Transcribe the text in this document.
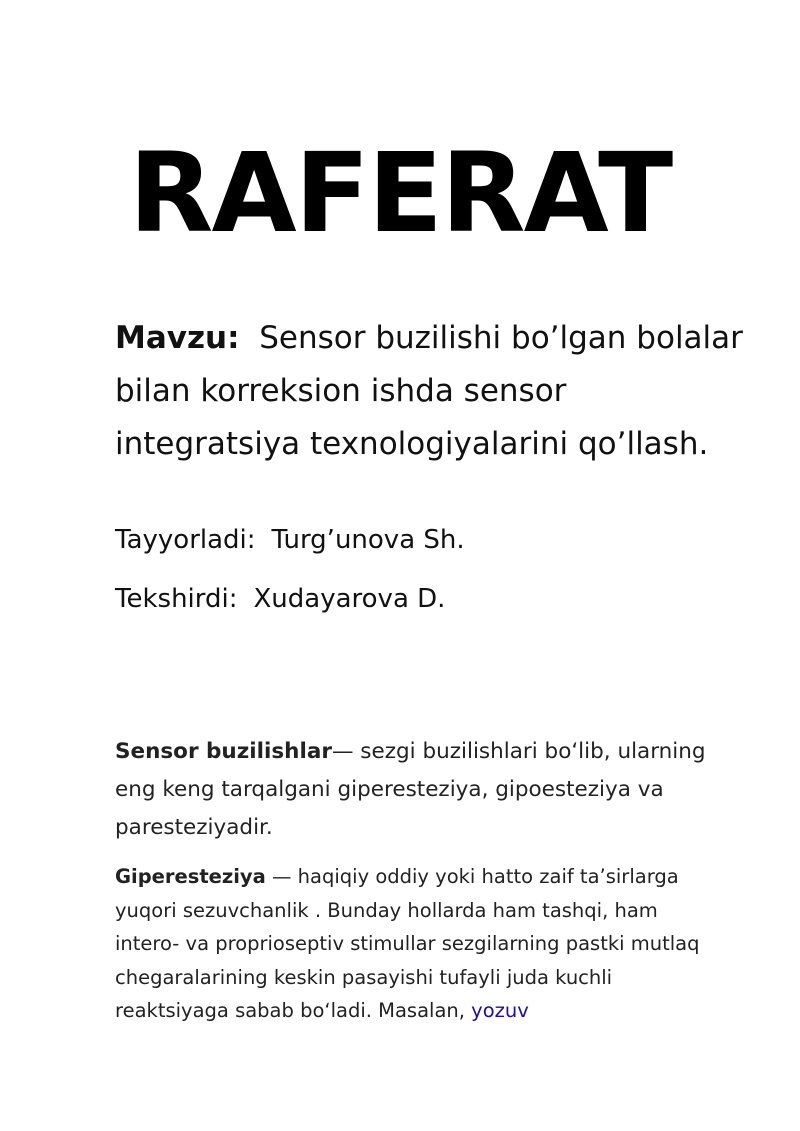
RAFERAT
Mavzu: Sensor buzilishi bo’lgan bolalar
bilan korreksion ishda sensor
integratsiya texnologiyalarini qo’llash.
Tayyorladi: Turg’unova Sh.
Tekshirdi: Xudayarova D.
Sensor buzilishlar— sezgi buzilishlari boʻlib, ularning
eng keng tarqalgani giperesteziya, gipoesteziya va
paresteziyadir.
Giperesteziya — haqiqiy oddiy yoki hatto zaif taʼsirlarga
yuqori sezuvchanlik . Bunday hollarda ham tashqi, ham
intero- va proprioseptiv stimullar sezgilarning pastki mutlaq
chegaralarining keskin pasayishi tufayli juda kuchli
reaktsiyaga sabab boʻladi. Masalan, yozuv
